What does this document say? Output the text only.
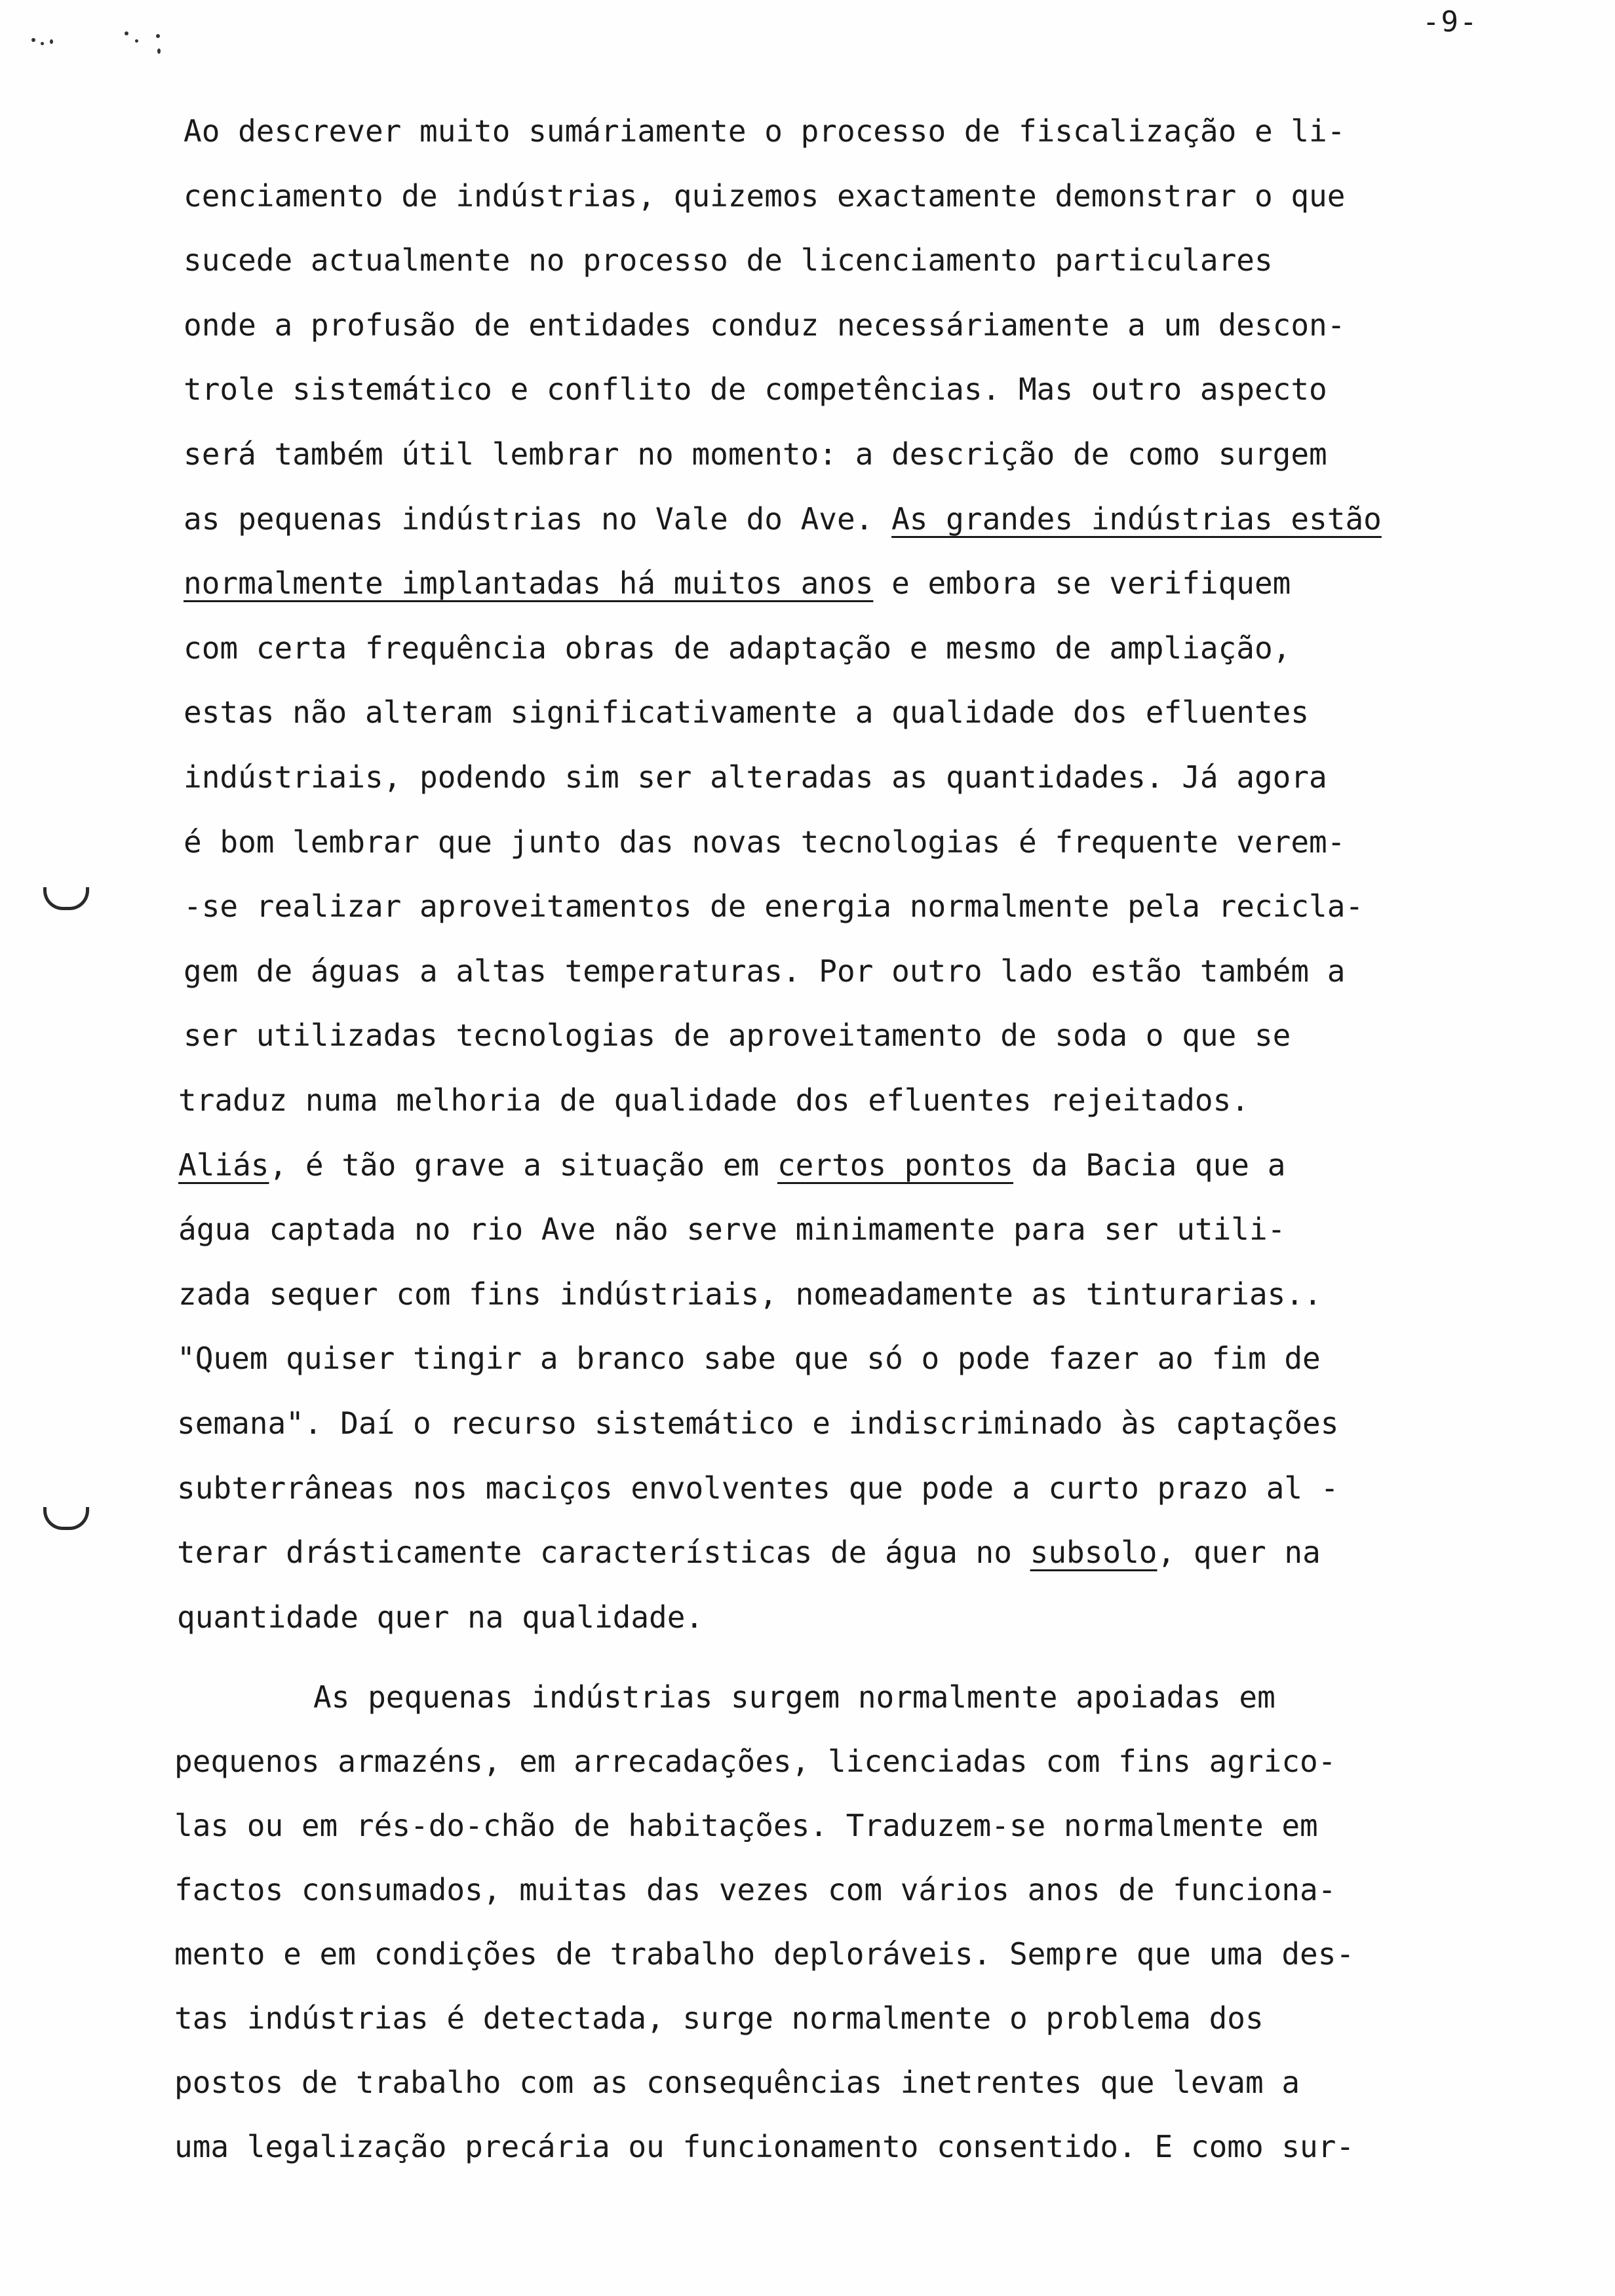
-9-
Ao descrever muito sumáriamente o processo de fiscalização e li-
cenciamento de indústrias, quizemos exactamente demonstrar o que
sucede actualmente no processo de licenciamento particulares
onde a profusão de entidades conduz necessáriamente a um descon-
trole sistemático e conflito de competências. Mas outro aspecto
será também útil lembrar no momento: a descrição de como surgem
as pequenas indústrias no Vale do Ave. As grandes indústrias estão
normalmente implantadas há muitos anos e embora se verifiquem
com certa frequência obras de adaptação e mesmo de ampliação,
estas não alteram significativamente a qualidade dos efluentes
indústriais, podendo sim ser alteradas as quantidades. Já agora
é bom lembrar que junto das novas tecnologias é frequente verem-
-se realizar aproveitamentos de energia normalmente pela recicla-
gem de águas a altas temperaturas. Por outro lado estão também a
ser utilizadas tecnologias de aproveitamento de soda o que se
traduz numa melhoria de qualidade dos efluentes rejeitados.
Aliás, é tão grave a situação em certos pontos da Bacia que a
água captada no rio Ave não serve minimamente para ser utili-
zada sequer com fins indústriais, nomeadamente as tinturarias..
"Quem quiser tingir a branco sabe que só o pode fazer ao fim de
semana". Daí o recurso sistemático e indiscriminado às captações
subterrâneas nos maciços envolventes que pode a curto prazo al -
terar drásticamente características de água no subsolo, quer na
quantidade quer na qualidade.
As pequenas indústrias surgem normalmente apoiadas em
pequenos armazéns, em arrecadações, licenciadas com fins agrico-
las ou em rés-do-chão de habitações. Traduzem-se normalmente em
factos consumados, muitas das vezes com vários anos de funciona-
mento e em condições de trabalho deploráveis. Sempre que uma des-
tas indústrias é detectada, surge normalmente o problema dos
postos de trabalho com as consequências inetrentes que levam a
uma legalização precária ou funcionamento consentido. E como sur-
